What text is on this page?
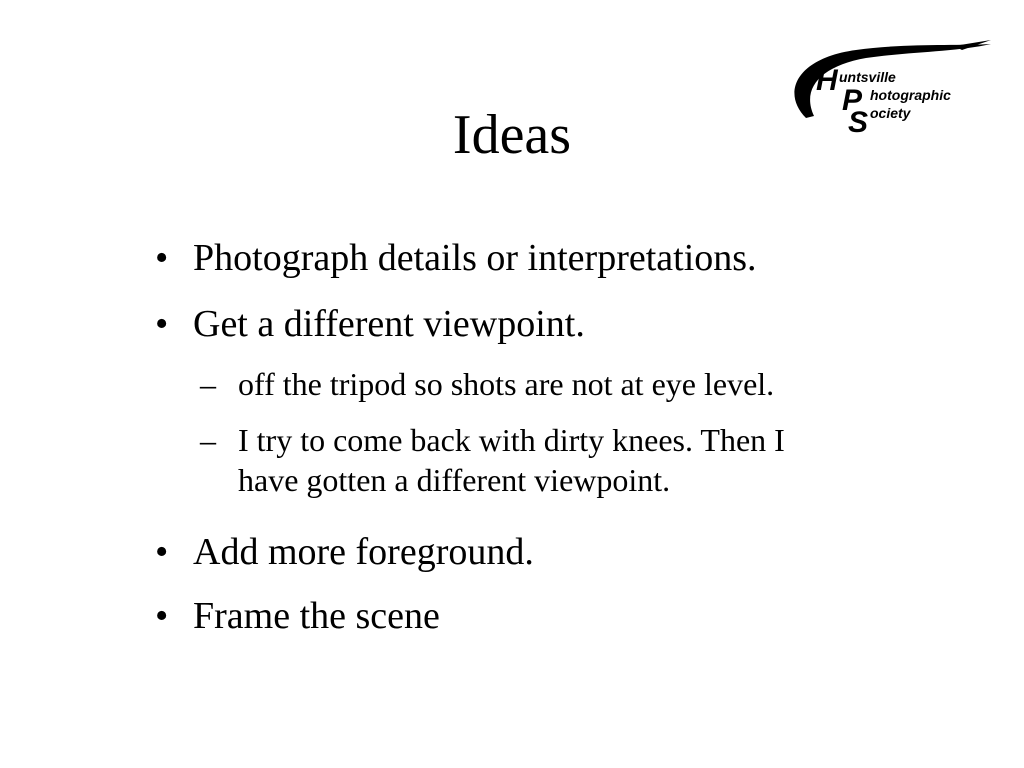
Ideas
H
P
S
untsville
hotographic
ociety
• Photograph details or interpretations.
• Get a different viewpoint.
– off the tripod so shots are not at eye level.
– I try to come back with dirty knees. Then I
have gotten a different viewpoint.
• Add more foreground.
• Frame the scene
